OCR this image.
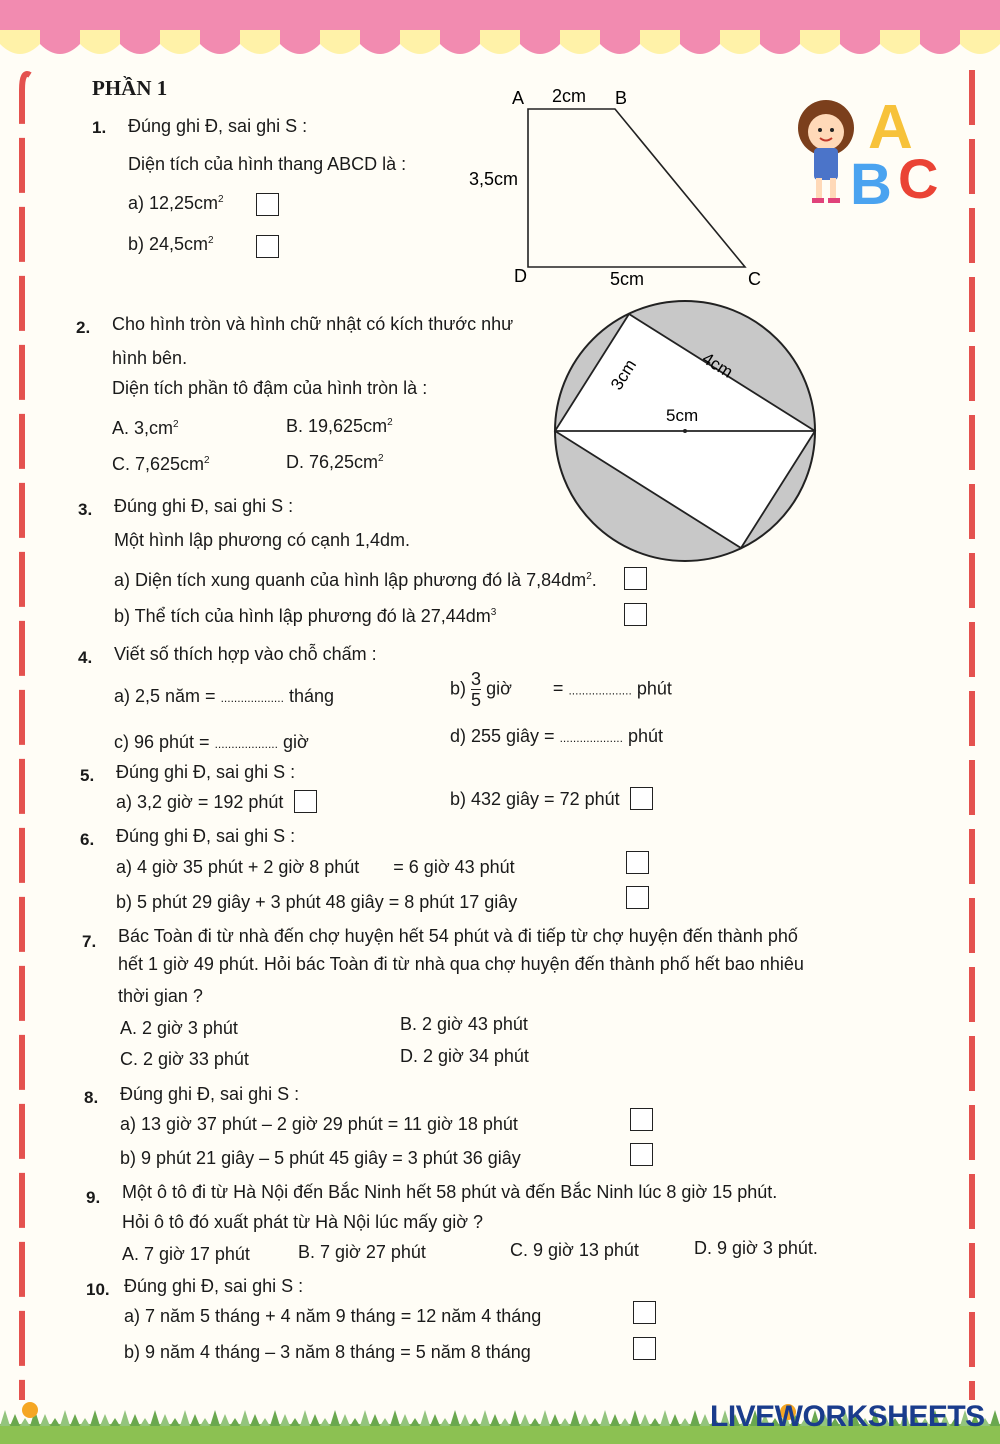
PHẦN 1
1. Đúng ghi Đ, sai ghi S :
Diện tích của hình thang ABCD là :
a) $12,25cm^2$
b) $24,5cm^2$
A	B
C
D
2cm
3,5cm
5cm
A
B C
2. Cho hình tròn và hình chữ nhật có kích thước như
hình bên.
Diện tích phần tô đậm của hình tròn là :
A. $3,cm^2$	B. $19,625cm^2$
C. $7,625cm^2$	D. $76,25cm^2$
3cm	4cm
5cm
3. Đúng ghi Đ, sai ghi S :
Một hình lập phương có cạnh 1,4dm.
a) Diện tích xung quanh của hình lập phương đó là $7,84dm^2$.
b) Thể tích của hình lập phương đó là $27,44dm^3$
4. Viết số thích hợp vào chỗ chấm :
a) 2,5 năm = ................... tháng	$b) \frac{3}{5}$ giờ = ................... phút
c) 96 phút = ................... giờ	d) 255 giây = ................... phút
5. Đúng ghi Đ, sai ghi S :
a) 3,2 giờ = 192 phút	b) 432 giây = 72 phút
6. Đúng ghi Đ, sai ghi S :
a) 4 giờ 35 phút + 2 giờ 8 phút = 6 giờ 43 phút
b) 5 phút 29 giây + 3 phút 48 giây = 8 phút 17 giây
7. Bác Toàn đi từ nhà đến chợ huyện hết 54 phút và đi tiếp từ chợ huyện đến thành phố
hết 1 giờ 49 phút. Hỏi bác Toàn đi từ nhà qua chợ huyện đến thành phố hết bao nhiêu
thời gian ?
A. 2 giờ 3 phút	B. 2 giờ 43 phút
C. 2 giờ 33 phút	D. 2 giờ 34 phút
8. Đúng ghi Đ, sai ghi S :
a) 13 giờ 37 phút – 2 giờ 29 phút = 11 giờ 18 phút
b) 9 phút 21 giây – 5 phút 45 giây = 3 phút 36 giây
9. Một ô tô đi từ Hà Nội đến Bắc Ninh hết 58 phút và đến Bắc Ninh lúc 8 giờ 15 phút.
Hỏi ô tô đó xuất phát từ Hà Nội lúc mấy giờ ?
A. 7 giờ 17 phút	B. 7 giờ 27 phút	C. 9 giờ 13 phút	D. 9 giờ 3 phút.
10. Đúng ghi Đ, sai ghi S :
a) 7 năm 5 tháng + 4 năm 9 tháng = 12 năm 4 tháng
b) 9 năm 4 tháng – 3 năm 8 tháng = 5 năm 8 tháng
LIVEWORKSHEETS
